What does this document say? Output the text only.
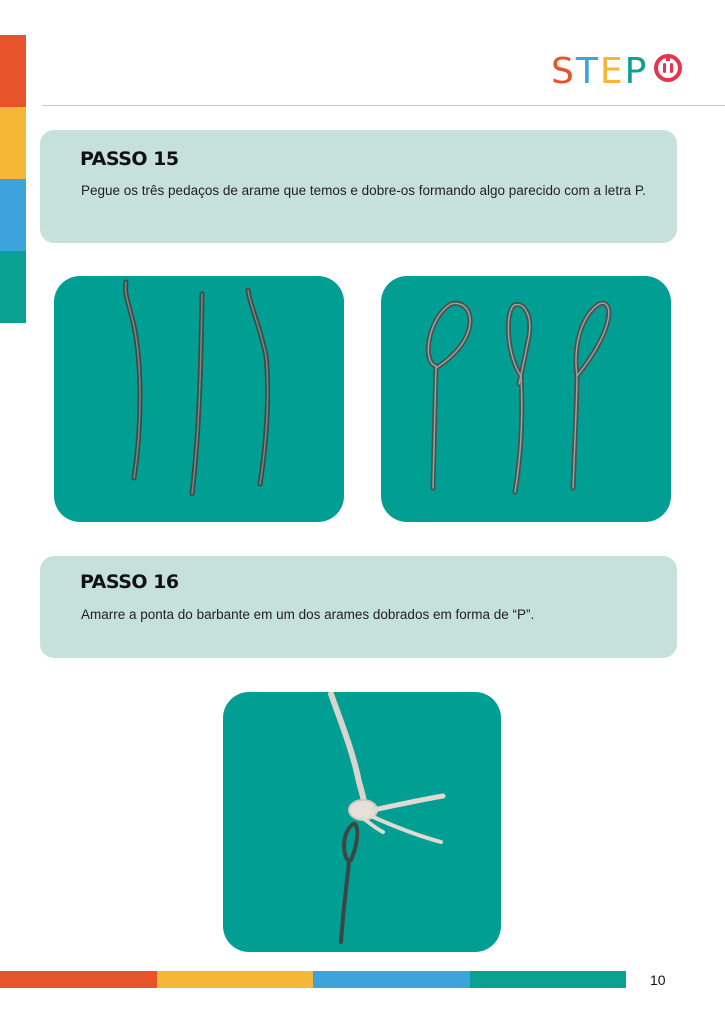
STEP
PASSO 15

Pegue os três pedaços de arame que temos e dobre-os formando algo parecido com a letra P.

PASSO 16

Amarre a ponta do barbante em um dos arames dobrados em forma de “P”.

10
